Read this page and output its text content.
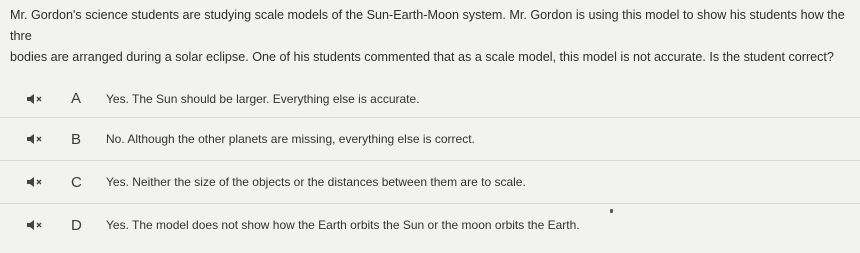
Mr. Gordon's science students are studying scale models of the Sun-Earth-Moon system. Mr. Gordon is using this model to show his students how the thre
bodies are arranged during a solar eclipse. One of his students commented that as a scale model, this model is not accurate. Is the student correct?
A	Yes. The Sun should be larger. Everything else is accurate.
B	No. Although the other planets are missing, everything else is correct.
C	Yes. Neither the size of the objects or the distances between them are to scale.
D	Yes. The model does not show how the Earth orbits the Sun or the moon orbits the Earth.
